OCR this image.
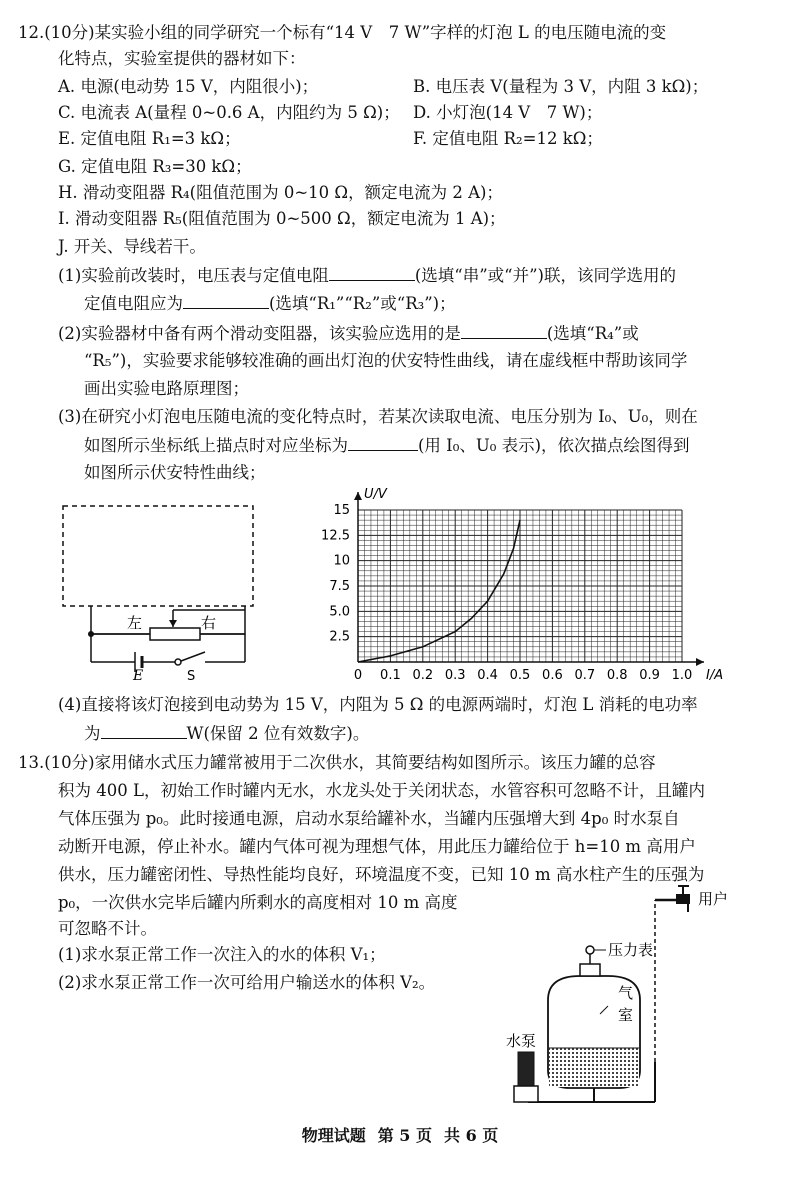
12.(10分)某实验小组的同学研究一个标有“14 V　7 W”字样的灯泡 L 的电压随电流的变
化特点，实验室提供的器材如下：
A. 电源(电动势 15 V，内阻很小)；	B. 电压表 V(量程为 3 V，内阻 3 kΩ)；
C. 电流表 A(量程 0~0.6 A，内阻约为 5 Ω)； D. 小灯泡(14 V　7 W)；
E. 定值电阻 R₁=3 kΩ；	F. 定值电阻 R₂=12 kΩ；
G. 定值电阻 R₃=30 kΩ；
H. 滑动变阻器 R₄(阻值范围为 0~10 Ω，额定电流为 2 A)；
I. 滑动变阻器 R₅(阻值范围为 0~500 Ω，额定电流为 1 A)；
J. 开关、导线若干。
(1)实验前改装时，电压表与定值电阻	(选填“串”或“并”)联，该同学选用的
定值电阻应为	(选填“R₁”“R₂”或“R₃”)；
(2)实验器材中备有两个滑动变阻器，该实验应选用的是	(选填“R₄”或
“R₅”)，实验要求能够较准确的画出灯泡的伏安特性曲线，请在虚线框中帮助该同学
画出实验电路原理图；
(3)在研究小灯泡电压随电流的变化特点时，若某次读取电流、电压分别为 I₀、U₀，则在
如图所示坐标纸上描点时对应坐标为	(用 I₀、U₀ 表示)，依次描点绘图得到
如图所示伏安特性曲线；
左	右
E	S	0 0.1 0.2 0.3 0.4 0.5 0.6 0.7 0.8 0.9 1.0
2.5
5.0
7.5
10
12.5
15
I/A
U/V
(4)直接将该灯泡接到电动势为 15 V，内阻为 5 Ω 的电源两端时，灯泡 L 消耗的电功率
为	W(保留 2 位有效数字)。
13.(10分)家用储水式压力罐常被用于二次供水，其简要结构如图所示。该压力罐的总容
积为 400 L，初始工作时罐内无水，水龙头处于关闭状态，水管容积可忽略不计，且罐内
气体压强为 p₀。此时接通电源，启动水泵给罐补水，当罐内压强增大到 4p₀ 时水泵自
动断开电源，停止补水。罐内气体可视为理想气体，用此压力罐给位于 h=10 m 高用户
供水，压力罐密闭性、导热性能均良好，环境温度不变，已知 10 m 高水柱产生的压强为
p₀，一次供水完毕后罐内所剩水的高度相对 10 m 高度
可忽略不计。
(1)求水泵正常工作一次注入的水的体积 V₁；
(2)求水泵正常工作一次可给用户输送水的体积 V₂。
用户
压力表
气
室
水泵
物理试题 第 5 页 共 6 页
